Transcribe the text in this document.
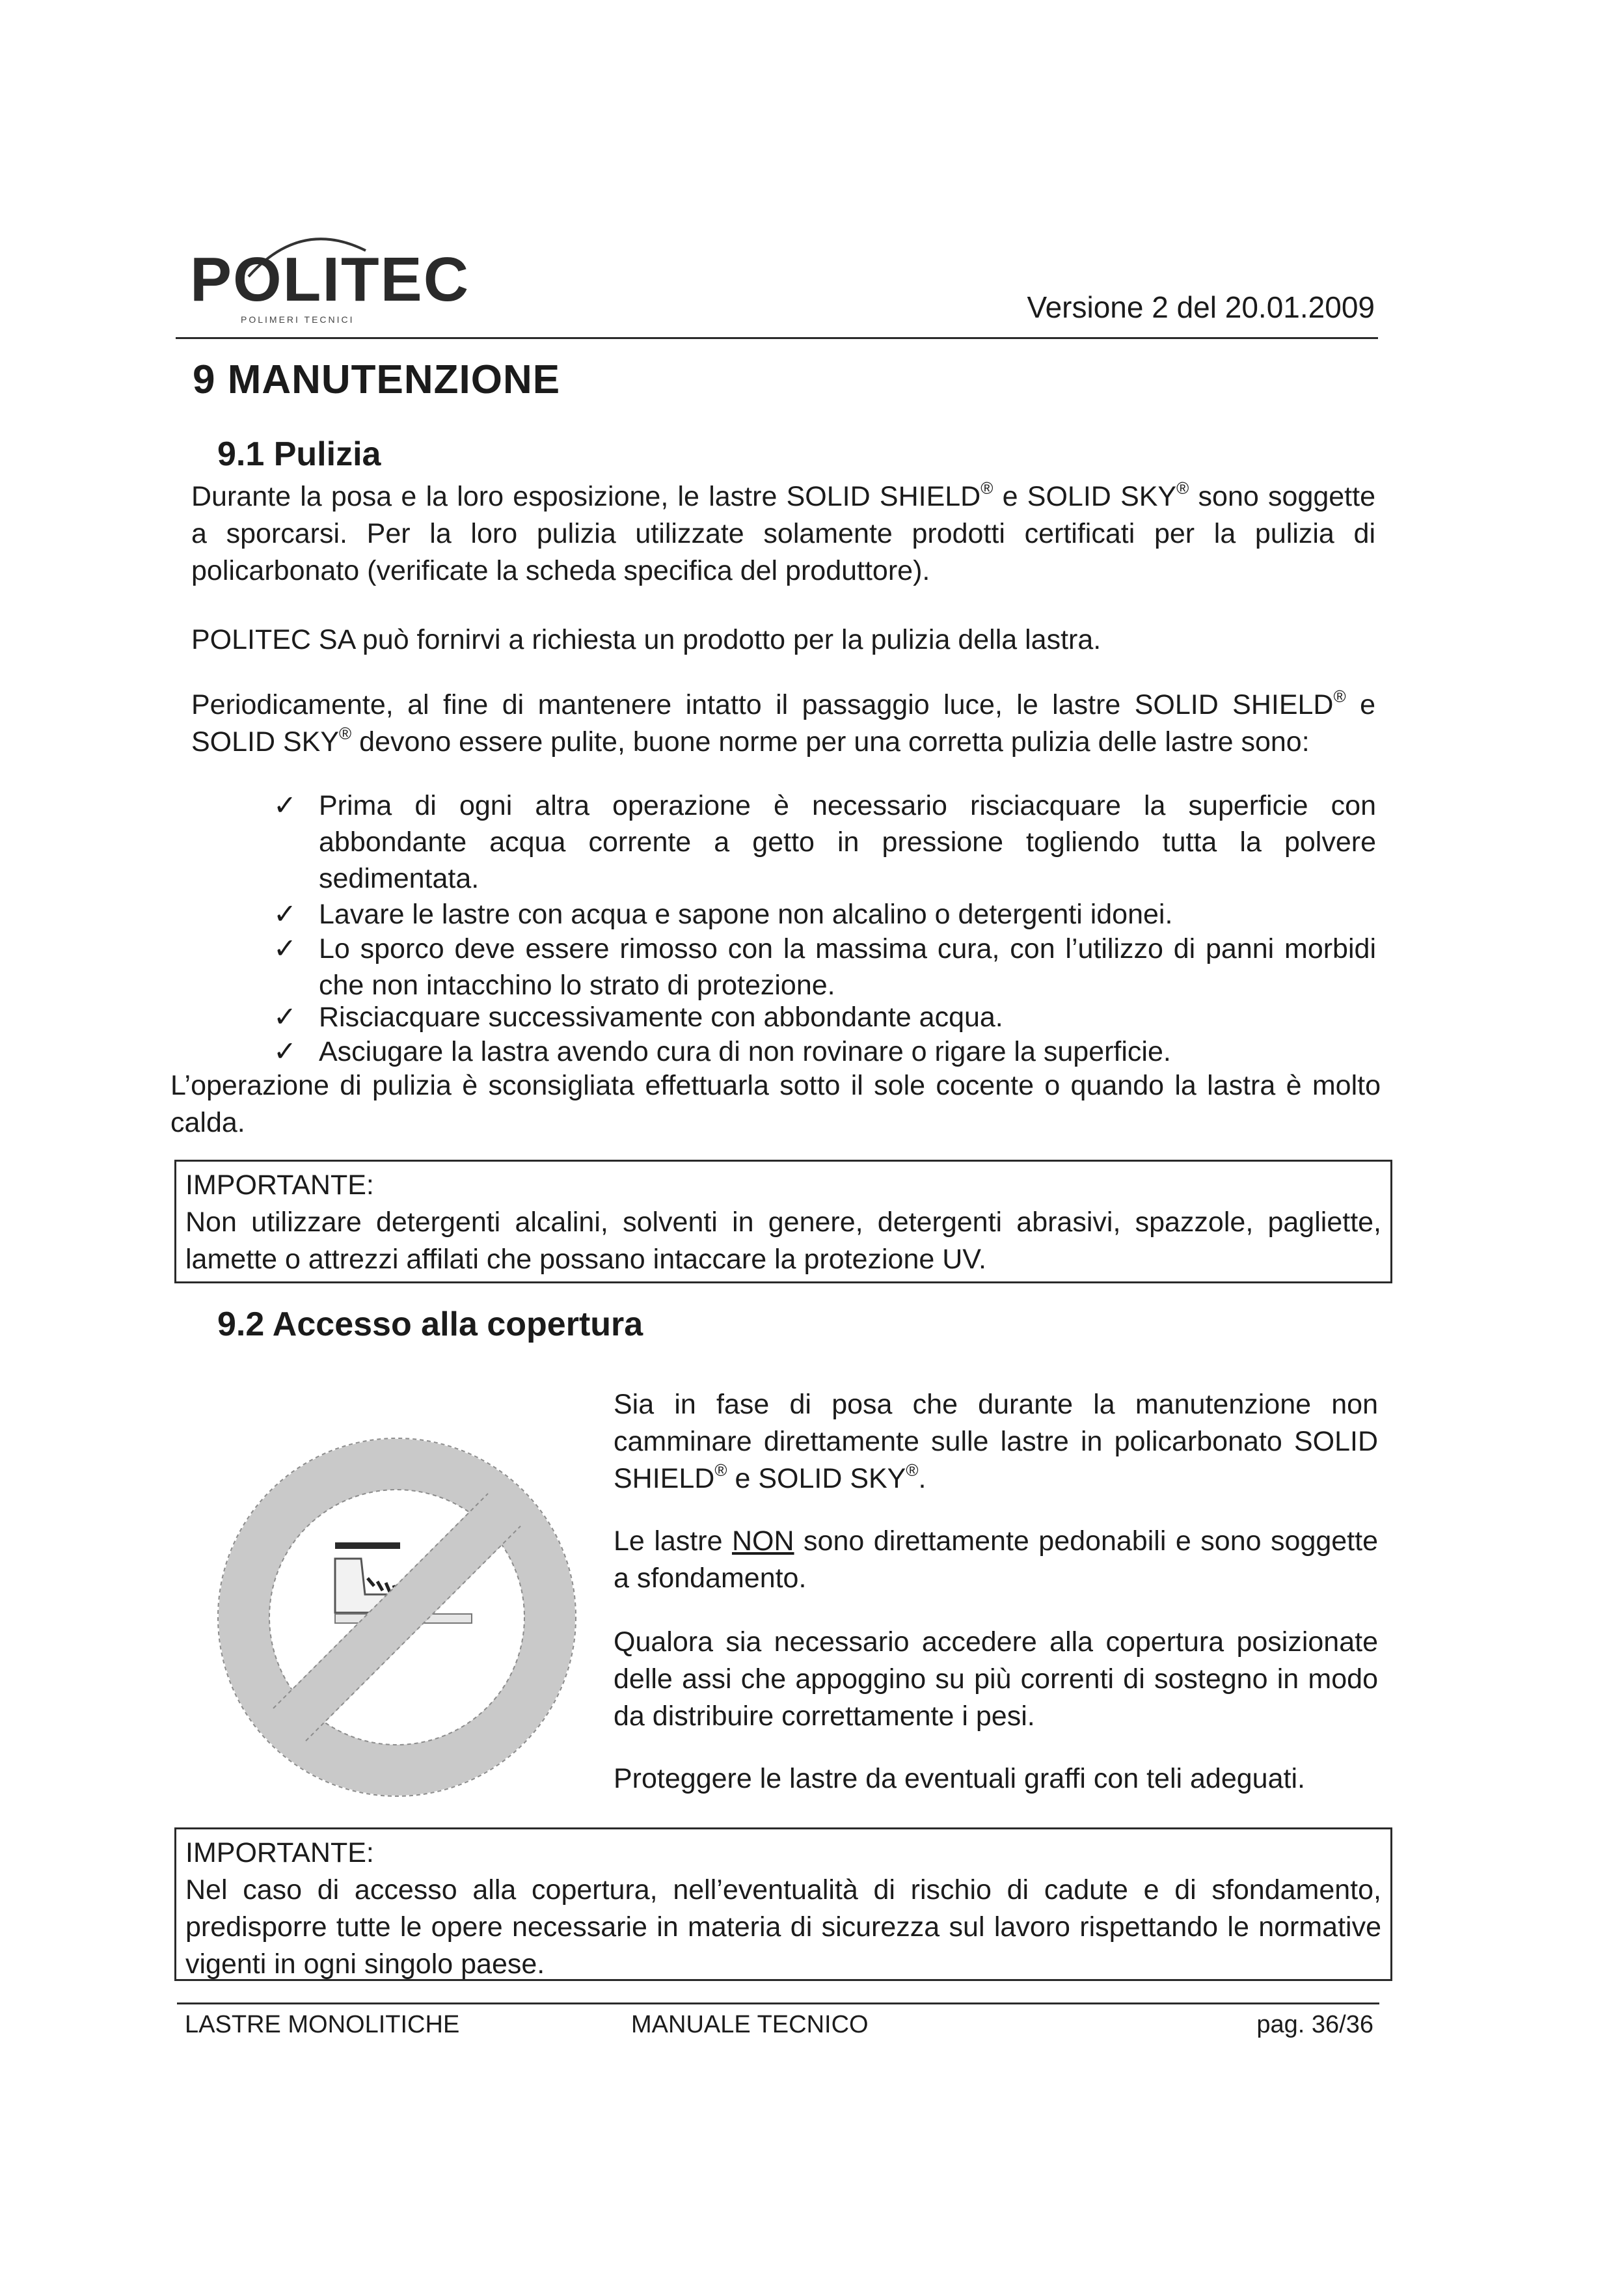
POLITEC
POLIMERI TECNICI	Versione 2 del 20.01.2009
9 MANUTENZIONE
9.1 Pulizia

Durante la posa e la loro esposizione, le lastre SOLID SHIELD® e SOLID SKY® sono soggette a sporcarsi. Per la loro pulizia utilizzate solamente prodotti certificati per la pulizia di policarbonato (verificate la scheda specifica del produttore).

POLITEC SA può fornirvi a richiesta un prodotto per la pulizia della lastra.

Periodicamente, al fine di mantenere intatto il passaggio luce, le lastre SOLID SHIELD® e SOLID SKY® devono essere pulite, buone norme per una corretta pulizia delle lastre sono:

✓ Prima di ogni altra operazione è necessario risciacquare la superficie con abbondante acqua corrente a getto in pressione togliendo tutta la polvere sedimentata.
✓ Lavare le lastre con acqua e sapone non alcalino o detergenti idonei.
✓ Lo sporco deve essere rimosso con la massima cura, con l’utilizzo di panni morbidi che non intacchino lo strato di protezione.
✓ Risciacquare successivamente con abbondante acqua.
✓ Asciugare la lastra avendo cura di non rovinare o rigare la superficie.

L’operazione di pulizia è sconsigliata effettuarla sotto il sole cocente o quando la lastra è molto calda.

IMPORTANTE:

Non utilizzare detergenti alcalini, solventi in genere, detergenti abrasivi, spazzole, pagliette, lamette o attrezzi affilati che possano intaccare la protezione UV.

9.2 Accesso alla copertura

Sia in fase di posa che durante la manutenzione non camminare direttamente sulle lastre in policarbonato SOLID SHIELD® e SOLID SKY®.

Le lastre NON sono direttamente pedonabili e sono soggette a sfondamento.

Qualora sia necessario accedere alla copertura posizionate delle assi che appoggino su più correnti di sostegno in modo da distribuire correttamente i pesi.

Proteggere le lastre da eventuali graffi con teli adeguati.

IMPORTANTE:

Nel caso di accesso alla copertura, nell’eventualità di rischio di cadute e di sfondamento, predisporre tutte le opere necessarie in materia di sicurezza sul lavoro rispettando le normative vigenti in ogni singolo paese.

LASTRE MONOLITICHE	MANUALE TECNICO	pag. 36/36
